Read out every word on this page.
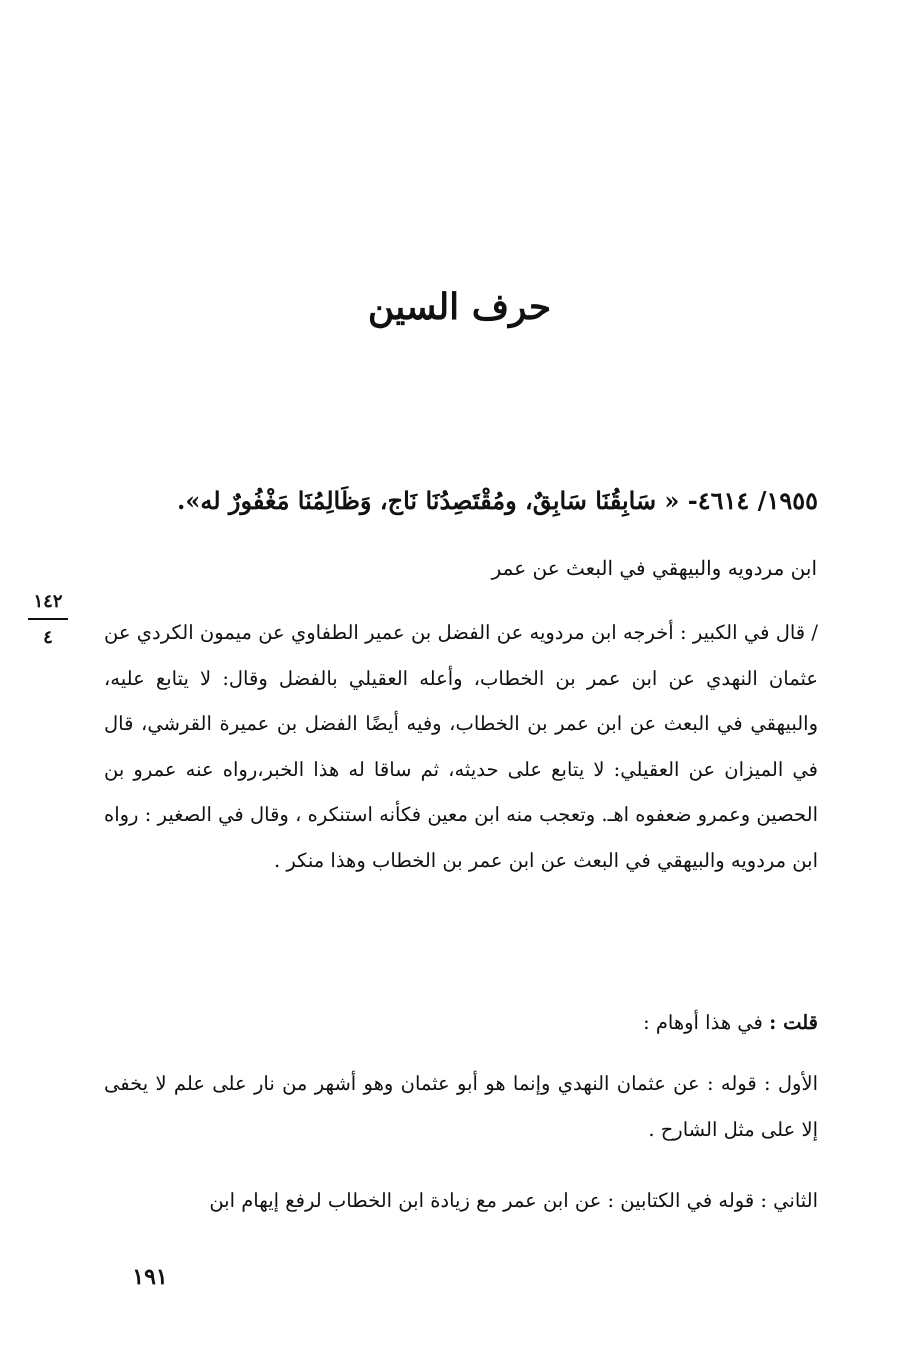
حرف السين
١٩٥٥/ ٤٦١٤- « سَابِقُنَا سَابِقٌ، ومُقْتَصِدُنَا نَاج، وَظَالِمُنَا مَغْفُورٌ له».
ابن مردويه والبيهقي في البعث عن عمر
١٤٢
٤	/ قال في الكبير : أخرجه ابن مردويه عن الفضل بن عمير الطفاوي عن ميمون الكردي عن عثمان النهدي عن ابن عمر بن الخطاب، وأعله العقيلي بالفضل وقال: لا يتابع عليه، والبيهقي في البعث عن ابن عمر بن الخطاب، وفيه أيضًا الفضل بن عميرة القرشي، قال في الميزان عن العقيلي: لا يتابع على حديثه، ثم ساقا له هذا الخبر،رواه عنه عمرو بن الحصين وعمرو ضعفوه اهـ. وتعجب منه ابن معين فكأنه استنكره ، وقال في الصغير : رواه ابن مردويه والبيهقي في البعث عن ابن عمر بن الخطاب وهذا منكر .
قلت : في هذا أوهام :
الأول : قوله : عن عثمان النهدي وإنما هو أبو عثمان وهو أشهر من نار على علم لا يخفى إلا على مثل الشارح .
الثاني : قوله في الكتابين : عن ابن عمر مع زيادة ابن الخطاب لرفع إيهام ابن
١٩١
